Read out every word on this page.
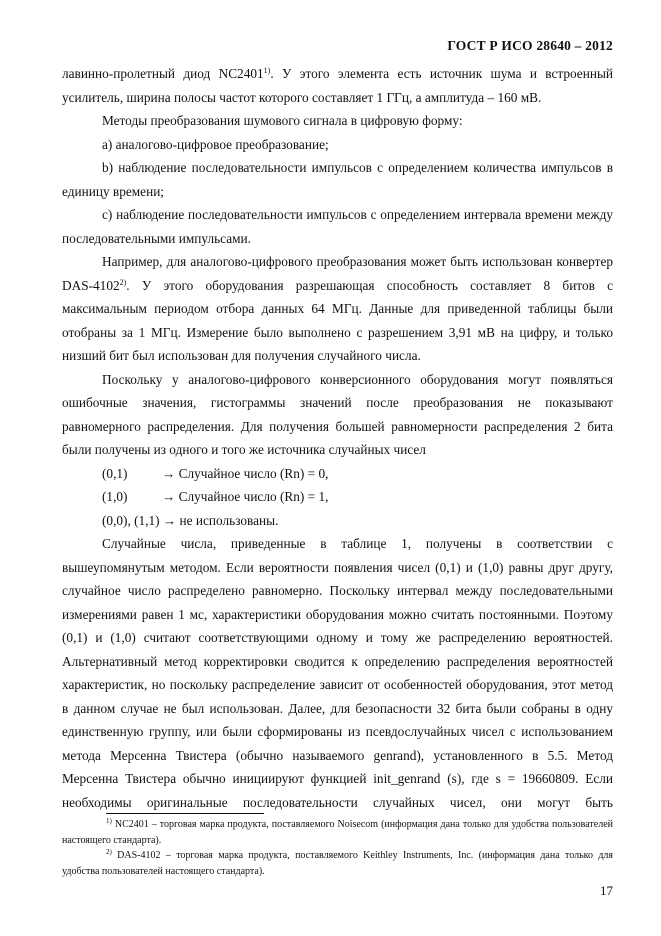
ГОСТ Р ИСО 28640 – 2012

лавинно-пролетный диод NC2401$^{1)}$. У этого элемента есть источник шума и встроенный усилитель, ширина полосы частот которого составляет 1 ГГц, а амплитуда – 160 мВ.

Методы преобразования шумового сигнала в цифровую форму:

а) аналогово-цифровое преобразование;

b) наблюдение последовательности импульсов с определением количества импульсов в единицу времени;

с) наблюдение последовательности импульсов с определением интервала времени между последовательными импульсами.

Например, для аналогово-цифрового преобразования может быть использован конвертер DAS-4102$^{2)}$. У этого оборудования разрешающая способность составляет 8 битов с максимальным периодом отбора данных 64 МГц. Данные для приведенной таблицы были отобраны за 1 МГц. Измерение было выполнено с разрешением 3,91 мВ на цифру, и только низший бит был использован для получения случайного числа.

Поскольку у аналогово-цифрового конверсионного оборудования могут появляться ошибочные значения, гистограммы значений после преобразования не показывают равномерного распределения. Для получения большей равномерности распределения 2 бита были получены из одного и того же источника случайных чисел

(0,1)	→ Случайное число (Rn) = 0,
(1,0)	→ Случайное число (Rn) = 1,

(0,0), (1,1) → не использованы.

Случайные числа, приведенные в таблице 1, получены в соответствии с вышеупомянутым методом. Если вероятности появления чисел (0,1) и (1,0) равны друг другу, случайное число распределено равномерно. Поскольку интервал между последовательными измерениями равен 1 мс, характеристики оборудования можно считать постоянными. Поэтому (0,1) и (1,0) считают соответствующими одному и тому же распределению вероятностей. Альтернативный метод корректировки сводится к определению распределения вероятностей характеристик, но поскольку распределение зависит от особенностей оборудования, этот метод в данном случае не был использован. Далее, для безопасности 32 бита были собраны в одну единственную группу, или были сформированы из псевдослучайных чисел с использованием метода Мерсенна Твистера (обычно называемого genrand), установленного в 5.5. Метод Мерсенна Твистера обычно инициируют функцией init_genrand (s), где s = 19660809. Если необходимы оригинальные последовательности случайных чисел, они могут быть

$^{1)}$ NC2401 – торговая марка продукта, поставляемого Noisecom (информация дана только для удобства пользователей настоящего стандарта).

$^{2)}$ DAS-4102 – торговая марка продукта, поставляемого Keithley Instruments, Inc. (информация дана только для удобства пользователей настоящего стандарта).

17
